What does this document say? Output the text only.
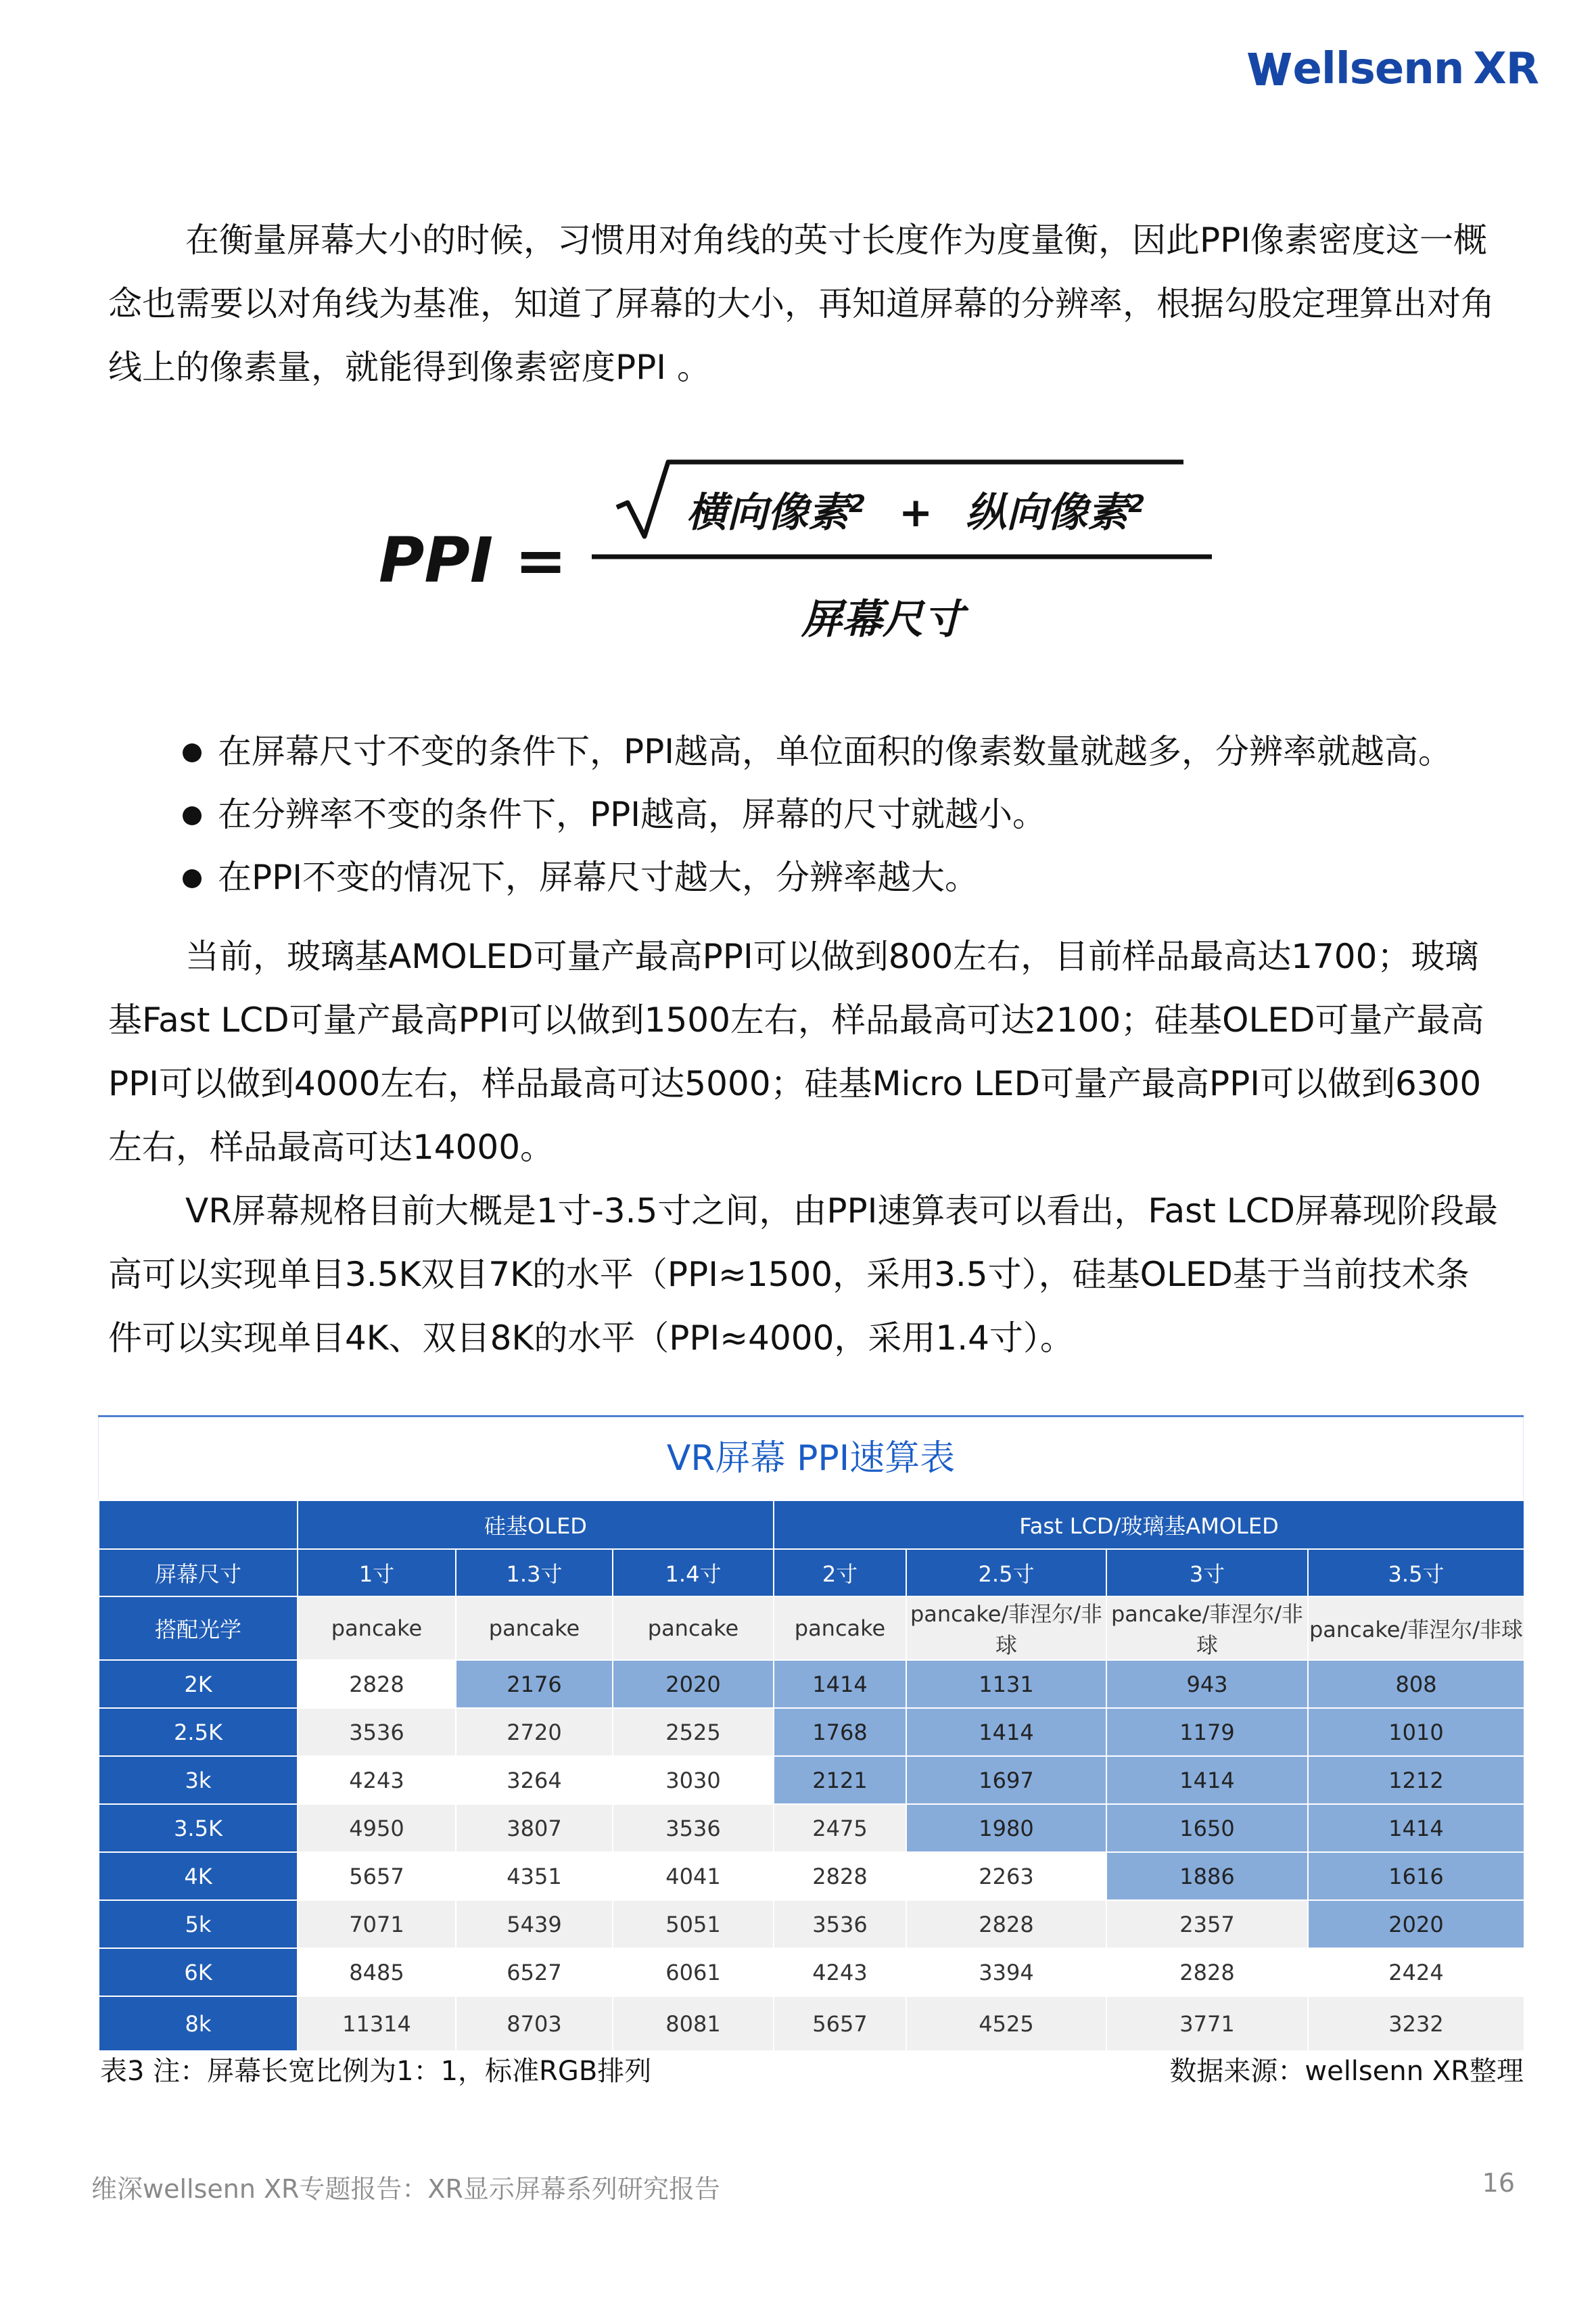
ellsenn XR

在衡量屏幕大小的时候，习惯用对角线的英寸长度作为度量衡，因此PPI像素密度这一概念也需要以对角线为基准，知道了屏幕的大小，再知道屏幕的分辨率，根据勾股定理算出对角线上的像素量，就能得到像素密度PPI 。

PPI =
横向像素$^2$ + 纵向像素$^2$
屏幕尺寸
在屏幕尺寸不变的条件下，PPI越高，单位面积的像素数量就越多，分辨率就越高。
在分辨率不变的条件下，PPI越高，屏幕的尺寸就越小。
在PPI不变的情况下，屏幕尺寸越大，分辨率越大。

当前，玻璃基AMOLED可量产最高PPI可以做到800左右，目前样品最高达1700；玻璃基Fast LCD可量产最高PPI可以做到1500左右，样品最高可达2100；硅基OLED可量产最高PPI可以做到4000左右，样品最高可达5000；硅基Micro LED可量产最高PPI可以做到6300左右，样品最高可达14000。

VR屏幕规格目前大概是1寸-3.5寸之间，由PPI速算表可以看出，Fast LCD屏幕现阶段最高可以实现单目3.5K双目7K的水平（PPI≈1500，采用3.5寸），硅基OLED基于当前技术条件可以实现单目4K、双目8K的水平（PPI≈4000，采用1.4寸）。

VR屏幕 PPI速算表
	硅基OLED			Fast LCD/玻璃基AMOLED			
屏幕尺寸	1寸	1.3寸	1.4寸	2寸	2.5寸	3寸	3.5寸
搭配光学	pancake	pancake	pancake	pancake	pancake/菲涅尔/非球	pancake/菲涅尔/非球	pancake/菲涅尔/非球
2K	2828	2176	2020	1414	1131	943	808
2.5K	3536	2720	2525	1768	1414	1179	1010
3k	4243	3264	3030	2121	1697	1414	1212
3.5K	4950	3807	3536	2475	1980	1650	1414
4K	5657	4351	4041	2828	2263	1886	1616
5k	7071	5439	5051	3536	2828	2357	2020
6K	8485	6527	6061	4243	3394	2828	2424
8k	11314	8703	8081	5657	4525	3771	3232
表3 注：屏幕长宽比例为1：1，标准RGB排列	数据来源：wellsenn XR整理
维深wellsenn XR专题报告：XR显示屏幕系列研究报告	16
